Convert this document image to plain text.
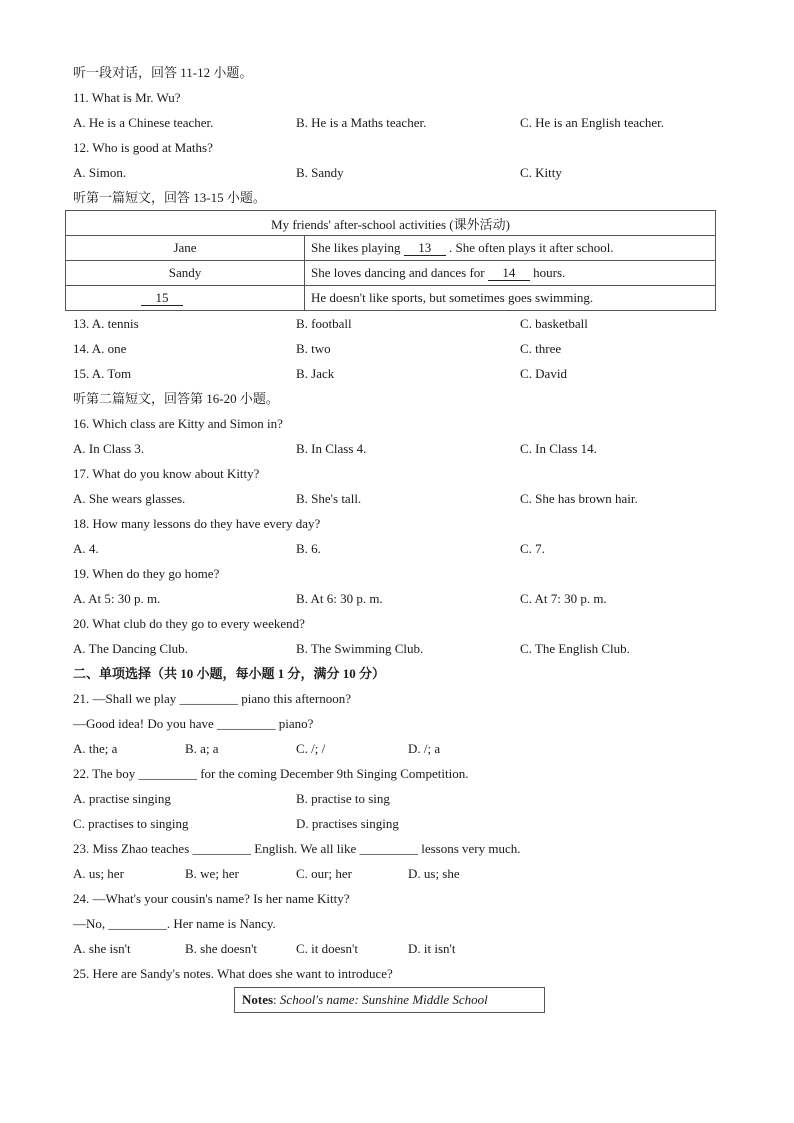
听一段对话，回答 11-12 小题。
11. What is Mr. Wu?
A. He is a Chinese teacher.	B. He is a Maths teacher.	C. He is an English teacher.
12. Who is good at Maths?
A. Simon.	B. Sandy	C. Kitty
听第一篇短文，回答 13-15 小题。
My friends' after-school activities (课外活动)	
Jane	She likes playing 13 . She often plays it after school.
Sandy	She loves dancing and dances for 14 hours.
15	He doesn't like sports, but sometimes goes swimming.
13. A. tennis	B. football	C. basketball
14. A. one	B. two	C. three
15. A. Tom	B. Jack	C. David
听第二篇短文，回答第 16-20 小题。
16. Which class are Kitty and Simon in?
A. In Class 3.	B. In Class 4.	C. In Class 14.
17. What do you know about Kitty?
A. She wears glasses.	B. She's tall.	C. She has brown hair.
18. How many lessons do they have every day?
A. 4.	B. 6.	C. 7.
19. When do they go home?
A. At 5: 30 p. m.	B. At 6: 30 p. m.	C. At 7: 30 p. m.
20. What club do they go to every weekend?
A. The Dancing Club.	B. The Swimming Club.	C. The English Club.
二、单项选择（共 10 小题，每小题 1 分，满分 10 分）
21. —Shall we play _________ piano this afternoon?
—Good idea! Do you have _________ piano?
A. the; a	B. a; a	C. /; /	D. /; a
22. The boy _________ for the coming December 9th Singing Competition.
A. practise singing	B. practise to sing
C. practises to singing	D. practises singing
23. Miss Zhao teaches _________ English. We all like _________ lessons very much.
A. us; her	B. we; her	C. our; her	D. us; she
24. —What's your cousin's name? Is her name Kitty?
—No, _________. Her name is Nancy.
A. she isn't	B. she doesn't	C. it doesn't	D. it isn't
25. Here are Sandy's notes. What does she want to introduce?
Notes: School's name: Sunshine Middle School
